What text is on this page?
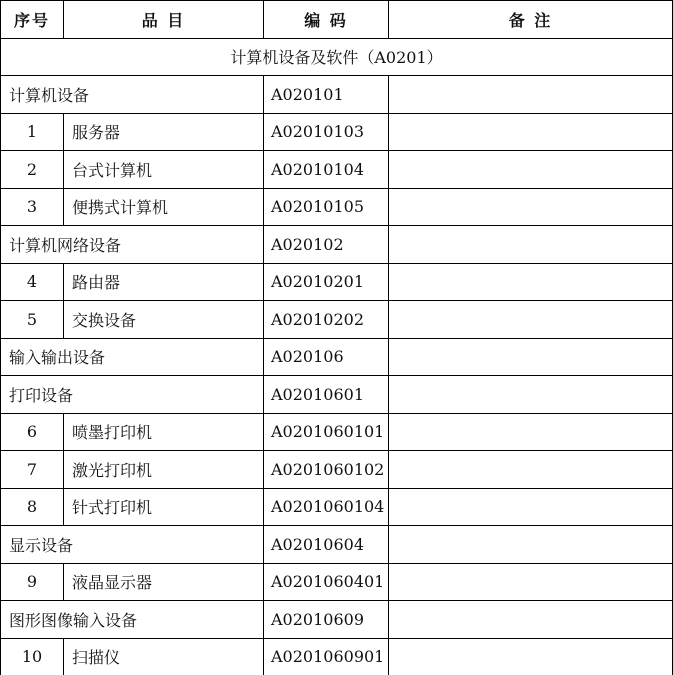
序号	品 目	编 码	备 注
计算机设备及软件（A0201）			
计算机设备		A020101	
1	服务器	A02010103	
2	台式计算机	A02010104	
3	便携式计算机	A02010105	
计算机网络设备		A020102	
4	路由器	A02010201	
5	交换设备	A02010202	
输入输出设备		A020106	
打印设备		A02010601	
6	喷墨打印机	A0201060101	
7	激光打印机	A0201060102	
8	针式打印机	A0201060104	
显示设备		A02010604	
9	液晶显示器	A0201060401	
图形图像输入设备		A02010609	
10	扫描仪	A0201060901	
